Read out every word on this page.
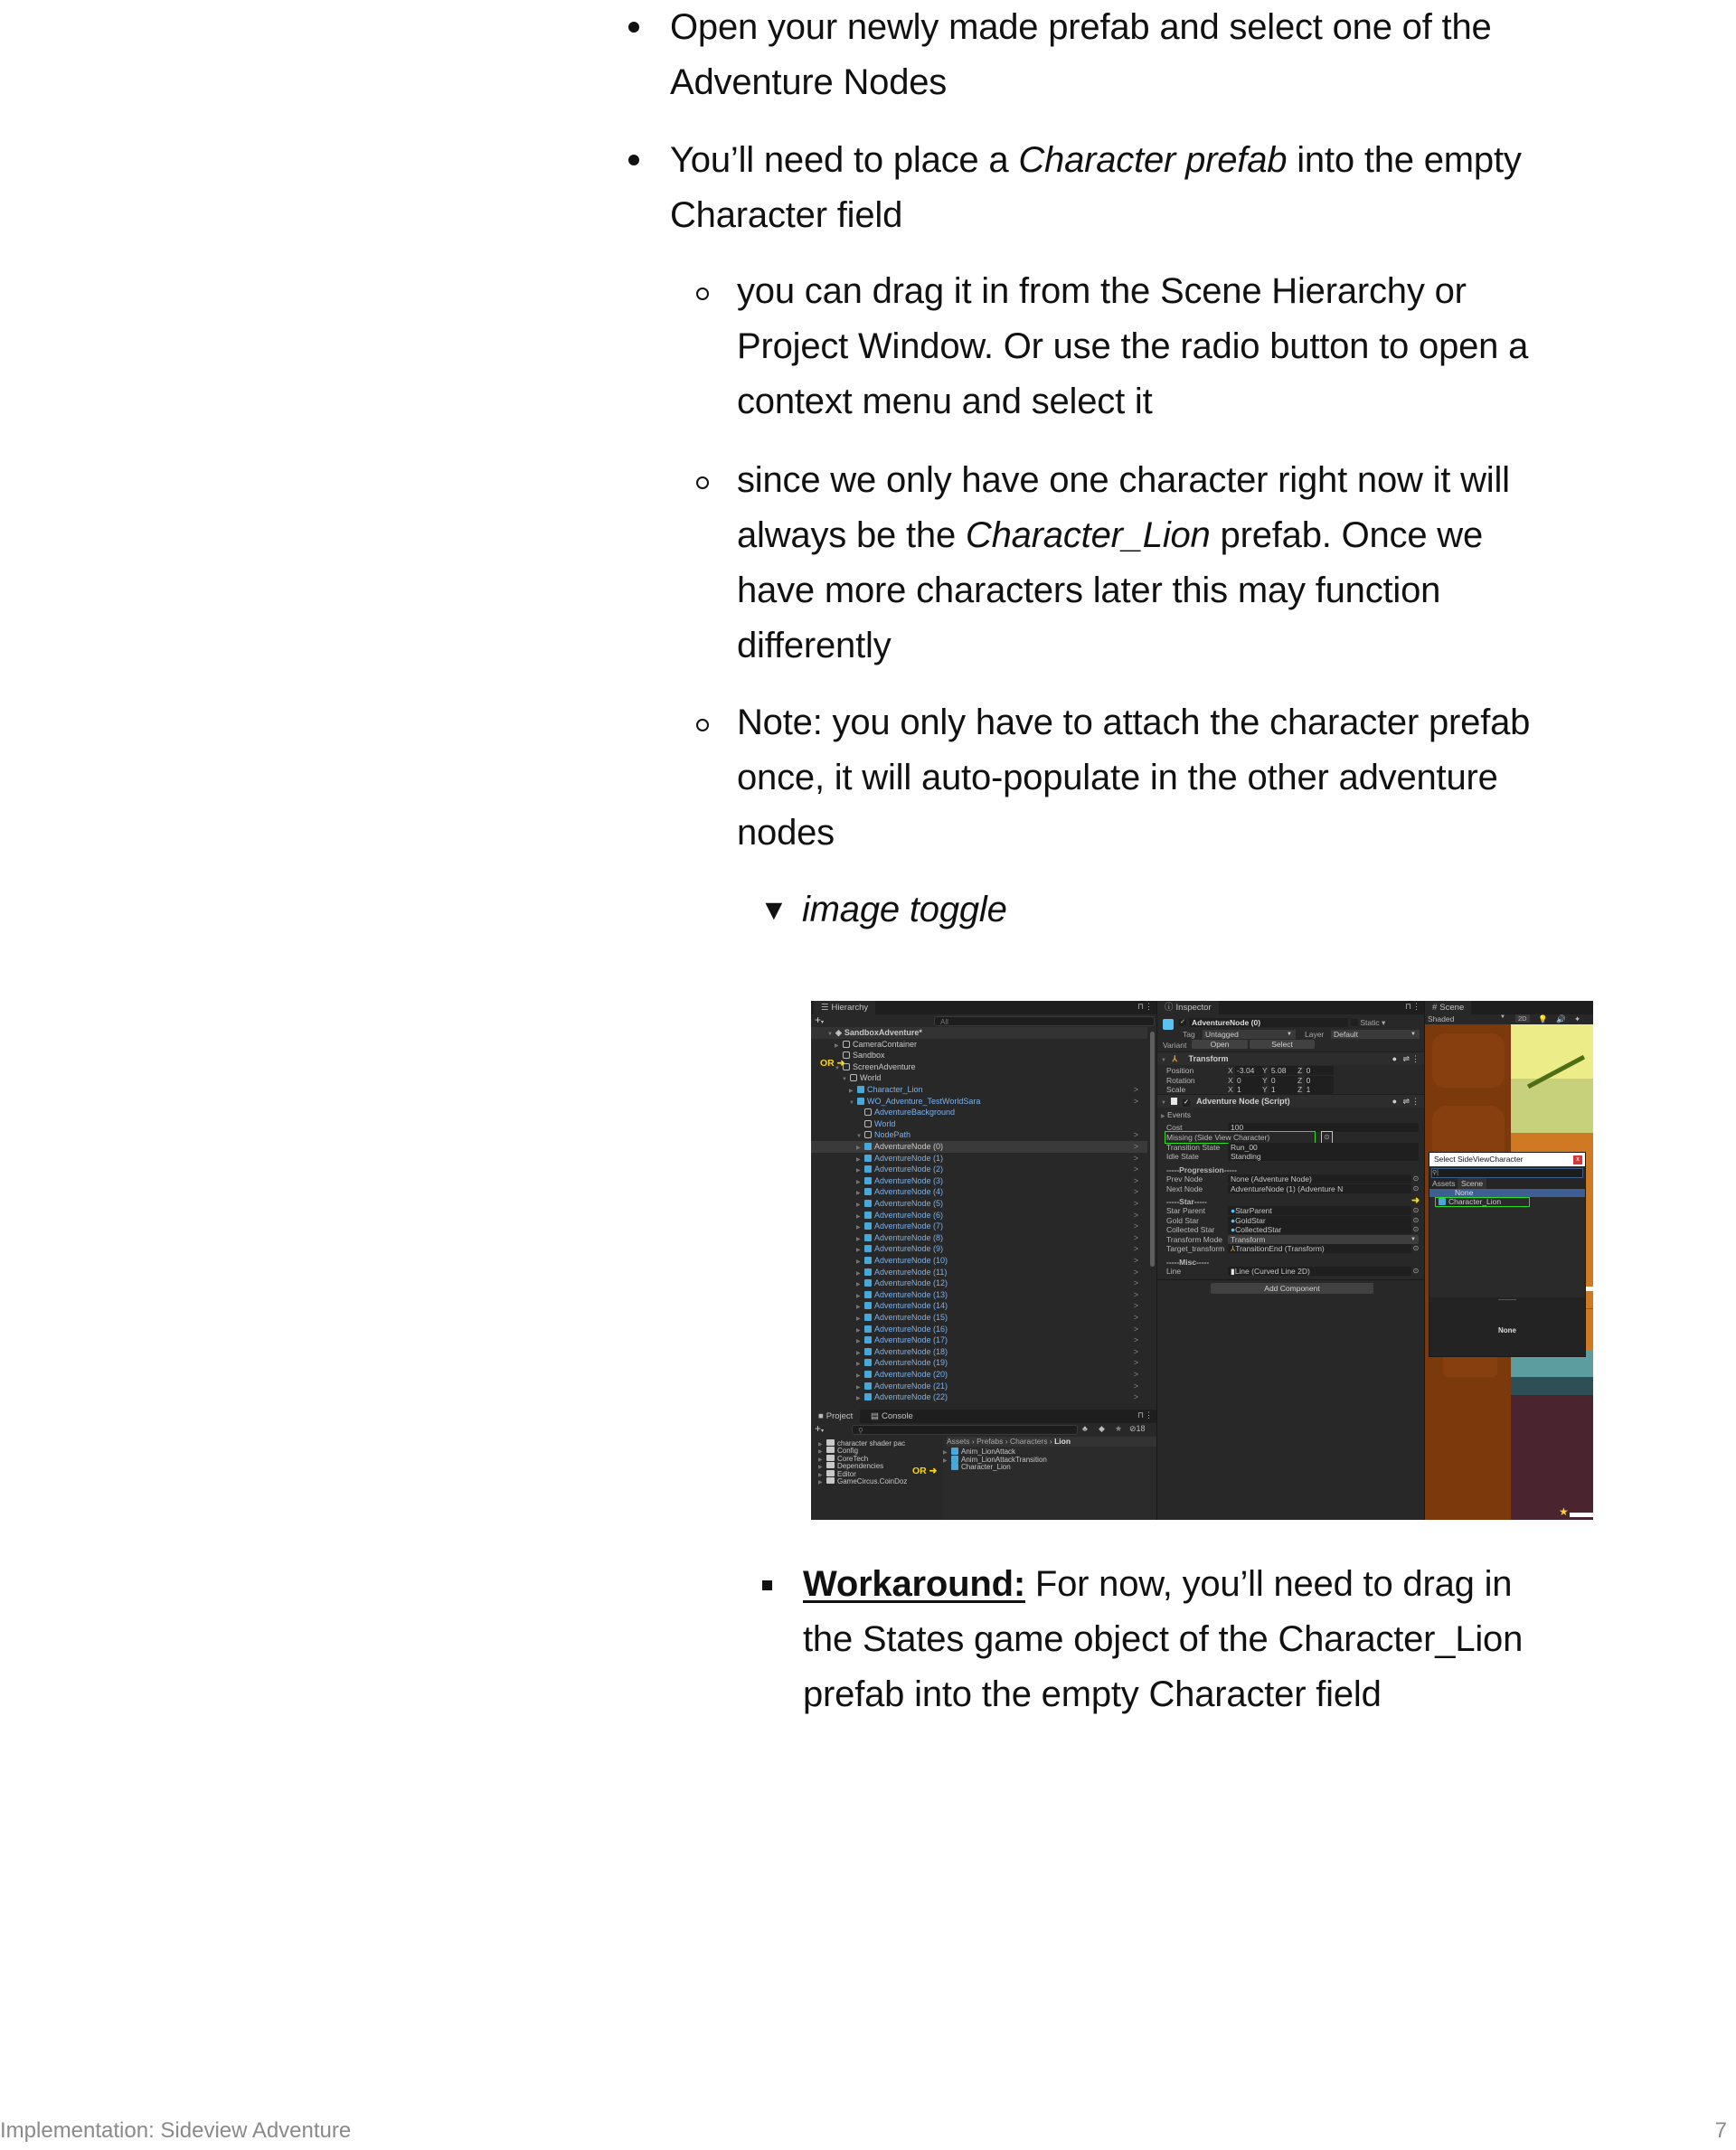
Open your newly made prefab and select one of the
Adventure Nodes
You’ll need to place a Character prefab into the empty
Character field
you can drag it in from the Scene Hierarchy or
Project Window. Or use the radio button to open a
context menu and select it
since we only have one character right now it will
always be the Character_Lion prefab. Once we
have more characters later this may function
differently
Note: you only have to attach the character prefab
once, it will auto-populate in the other adventure
nodes
▼ image toggle
☰ Hierarchy	⊓ ⋮
+▾	All
▼ ◈ SandboxAdventure*
▶ CameraContainer
Sandbox
▼ ScreenAdventure
▼ World
▶ Character_Lion	>
▼ WO_Adventure_TestWorldSara	>
AdventureBackground
World
▼ NodePath	>
▶ AdventureNode (0)	>
▶ AdventureNode (1)	>
▶ AdventureNode (2)	>
▶ AdventureNode (3)	>
▶ AdventureNode (4)	>
▶ AdventureNode (5)	>
▶ AdventureNode (6)	>
▶ AdventureNode (7)	>
▶ AdventureNode (8)	>
▶ AdventureNode (9)	>
▶ AdventureNode (10)	>
▶ AdventureNode (11)	>
▶ AdventureNode (12)	>
▶ AdventureNode (13)	>
▶ AdventureNode (14)	>
▶ AdventureNode (15)	>
▶ AdventureNode (16)	>
▶ AdventureNode (17)	>
▶ AdventureNode (18)	>
▶ AdventureNode (19)	>
▶ AdventureNode (20)	>
▶ AdventureNode (21)	>
▶ AdventureNode (22)	>
OR ➜
■ Project	▤ Console	⊓ ⋮
+▾	⚲	♣ ◆ ★ ⊘18
▶ character shader pac
▶ Config
▶ CoreTech
▶ Dependencies
▶ Editor
▶ GameCircus.CoinDoz
Assets › Prefabs › Characters › Lion
▶ Anim_LionAttack
▶ Anim_LionAttackTransition
Character_Lion
OR ➜
ⓘ Inspector	⊓ ⋮
✓ AdventureNode (0)	Static ▾
Tag	Untagged	▼ Layer	Default	▼
Variant	Open	Select
▼ ⅄ Transform	● ⇌ ⋮
Position	X -3.04	Y 5.08	Z 0
Rotation	X 0	Y 0	Z 0
Scale	X 1	Y 1	Z 1
▼	✓ Adventure Node (Script)	● ⇌ ⋮
▶ Events
Cost	100
Missing (Side View Character)	⊙
Transition State	Run_00
Idle State	Standing
-----Progression-----
Prev Node	None (Adventure Node)	⊙
Next Node	AdventureNode (1) (Adventure N	⊙
-----Star-----
Star Parent	●StarParent	⊙
Gold Star	●GoldStar	⊙
Collected Star	●CollectedStar	⊙
Transform Mode	Transform	▼
Target_transform ⅄TransitionEnd (Transform)	⊙
-----Misc-----
Line	▮Line (Curved Line 2D)	⊙
Add Component
# Scene
Shaded	▼	2D	💡 🔊 ✦
★
Select SideViewCharacter	x
⚲|
Assets Scene
None
Character_Lion
None
➜
Workaround: For now, you’ll need to drag in
the States game object of the Character_Lion
prefab into the empty Character field
Implementation: Sideview Adventure	7
